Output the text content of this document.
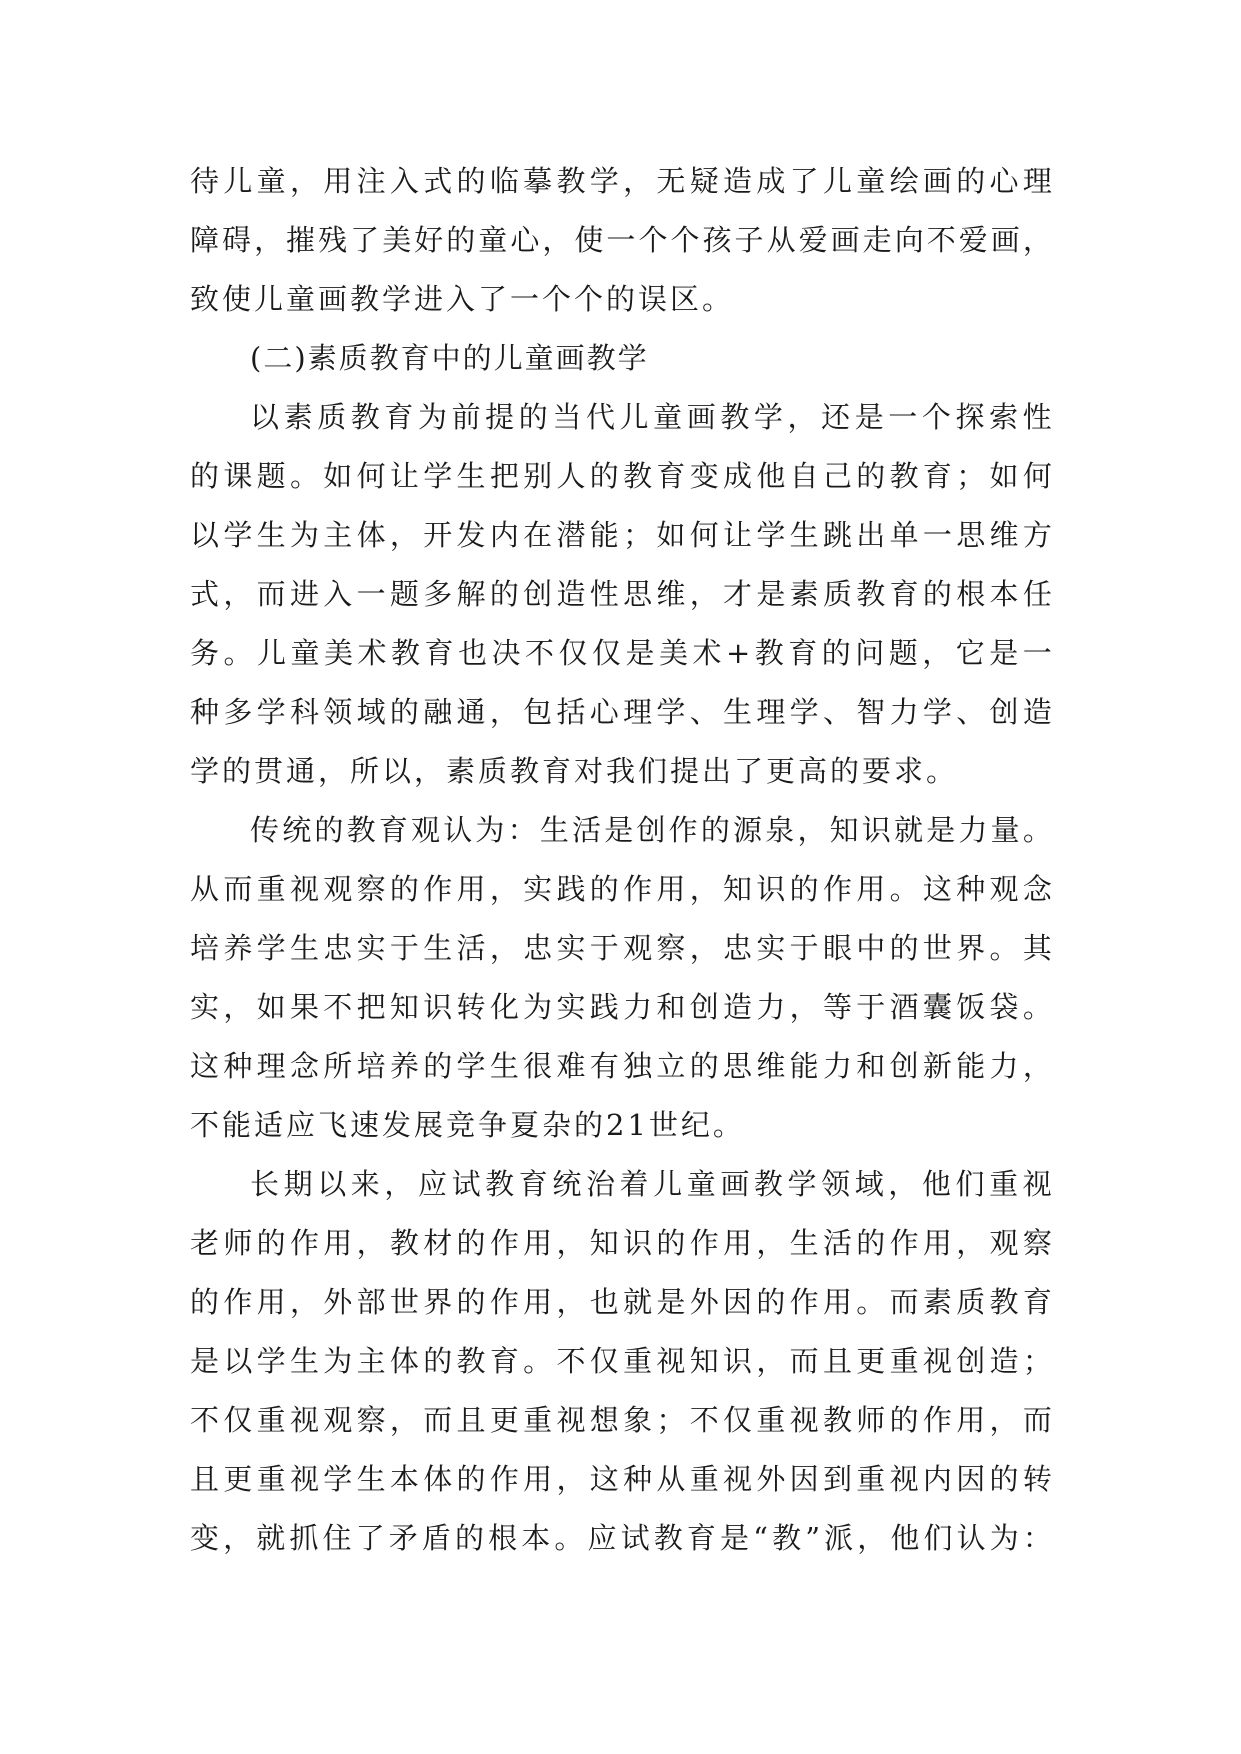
待 儿 童 ， 用 注 入 式 的 临 摹 教 学 ， 无 疑 造 成 了 儿 童 绘 画 的 心 理
障 碍 ， 摧 残 了 美 好 的 童 心 ， 使 一 个 个 孩 子 从 爱 画 走 向 不 爱 画 ，
致使儿童画教学进入了一个个的误区。
(二)素质教育中的儿童画教学
以 素 质 教 育 为 前 提 的 当 代 儿 童 画 教 学 ， 还 是 一 个 探 索 性
的 课 题 。 如 何 让 学 生 把 别 人 的 教 育 变 成 他 自 己 的 教 育 ； 如 何
以 学 生 为 主 体 ， 开 发 内 在 潜 能 ； 如 何 让 学 生 跳 出 单 一 思 维 方
式 ， 而 进 入 一 题 多 解 的 创 造 性 思 维 ， 才 是 素 质 教 育 的 根 本 任
务 。 儿 童 美 术 教 育 也 决 不 仅 仅 是 美 术 + 教 育 的 问 题 ， 它 是 一
种 多 学 科 领 域 的 融 通 ， 包 括 心 理 学 、 生 理 学 、 智 力 学 、 创 造
学的贯通，所以，素质教育对我们提出了更高的要求。
传 统 的 教 育 观 认 为 ： 生 活 是 创 作 的 源 泉 ， 知 识 就 是 力 量 。
从 而 重 视 观 察 的 作 用 ， 实 践 的 作 用 ， 知 识 的 作 用 。 这 种 观 念
培 养 学 生 忠 实 于 生 活 ， 忠 实 于 观 察 ， 忠 实 于 眼 中 的 世 界 。 其
实 ， 如 果 不 把 知 识 转 化 为 实 践 力 和 创 造 力 ， 等 于 酒 囊 饭 袋 。
这 种 理 念 所 培 养 的 学 生 很 难 有 独 立 的 思 维 能 力 和 创 新 能 力 ，
不能适应飞速发展竞争夏杂的21世纪。
长 期 以 来 ， 应 试 教 育 统 治 着 儿 童 画 教 学 领 域 ， 他 们 重 视
老 师 的 作 用 ， 教 材 的 作 用 ， 知 识 的 作 用 ， 生 活 的 作 用 ， 观 察
的 作 用 ， 外 部 世 界 的 作 用 ， 也 就 是 外 因 的 作 用 。 而 素 质 教 育
是 以 学 生 为 主 体 的 教 育 。 不 仅 重 视 知 识 ， 而 且 更 重 视 创 造 ；
不 仅 重 视 观 察 ， 而 且 更 重 视 想 象 ； 不 仅 重 视 教 师 的 作 用 ， 而
且 更 重 视 学 生 本 体 的 作 用 ， 这 种 从 重 视 外 因 到 重 视 内 因 的 转
变 ， 就 抓 住 了 矛 盾 的 根 本 。 应 试 教 育 是 “ 教 ” 派 ， 他 们 认 为 ：
